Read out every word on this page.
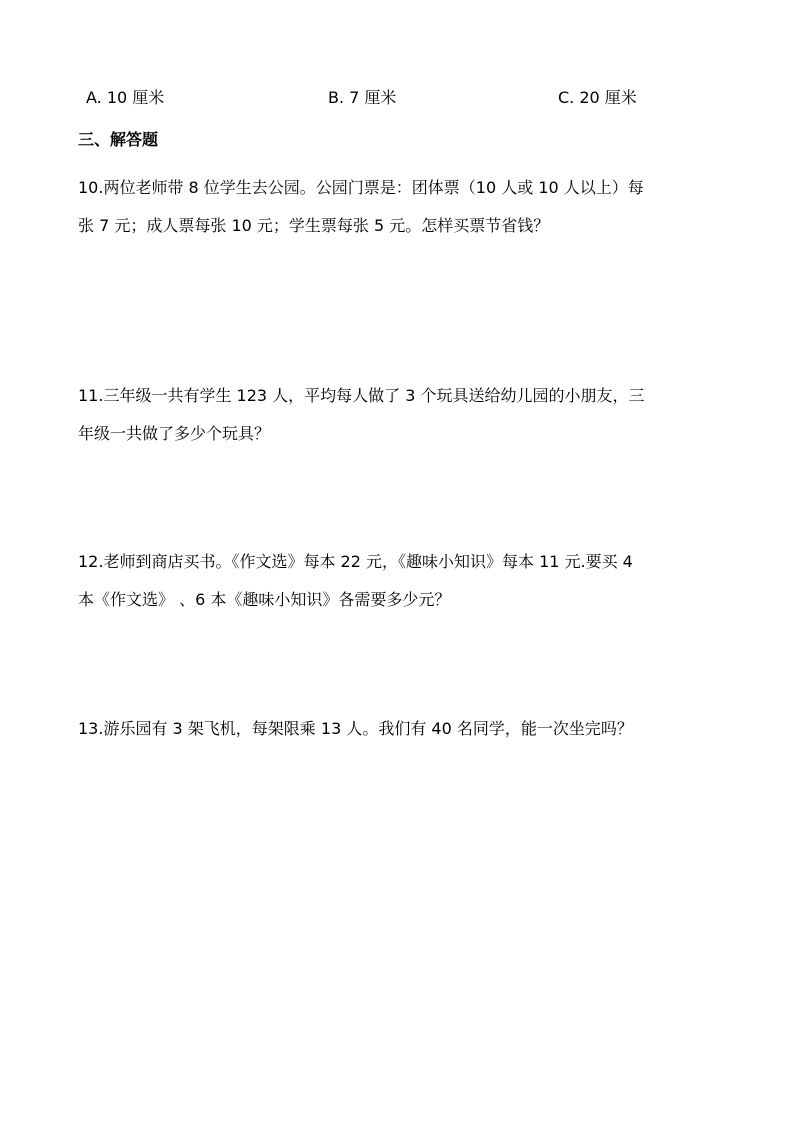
A. 10 厘米	B. 7 厘米	C. 20 厘米
三、解答题
10.两位老师带 8 位学生去公园。公园门票是：团体票（10 人或 10 人以上）每
张 7 元；成人票每张 10 元；学生票每张 5 元。怎样买票节省钱？
11.三年级一共有学生 123 人，平均每人做了 3 个玩具送给幼儿园的小朋友，三
年级一共做了多少个玩具？
12.老师到商店买书。《作文选》每本 22 元，《趣味小知识》每本 11 元.要买 4
本《作文选》 、6 本《趣味小知识》各需要多少元？
13.游乐园有 3 架飞机，每架限乘 13 人。我们有 40 名同学，能一次坐完吗？
